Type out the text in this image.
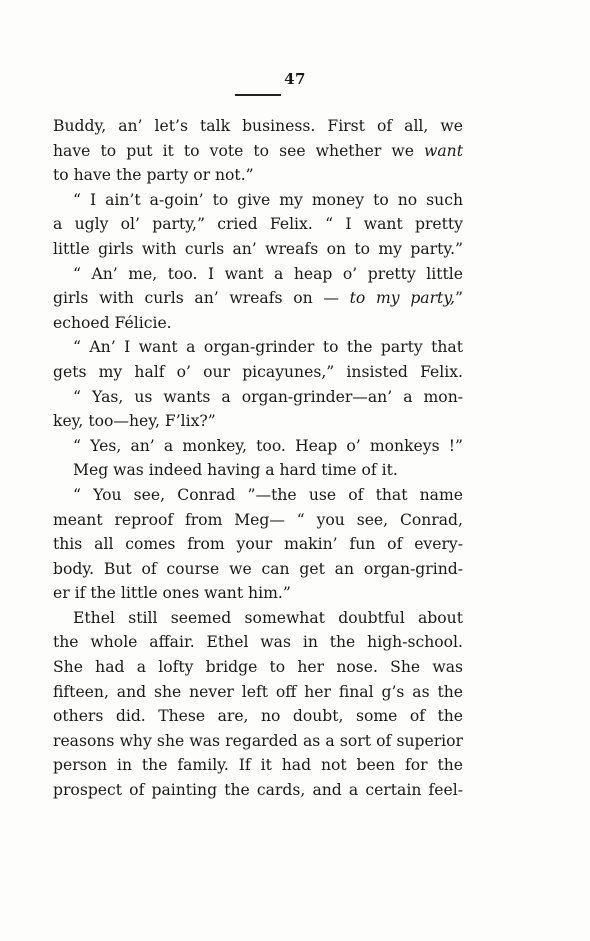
47
Buddy, an’ let’s talk business. First of all, we
have to put it to vote to see whether we want
to have the party or not.”
“ I ain’t a-goin’ to give my money to no such
a ugly ol’ party,” cried Felix. “ I want pretty
little girls with curls an’ wreafs on to my party.”
“ An’ me, too. I want a heap o’ pretty little
girls with curls an’ wreafs on — to my party,”
echoed Félicie.
“ An’ I want a organ-grinder to the party that
gets my half o’ our picayunes,” insisted Felix.
“ Yas, us wants a organ-grinder—an’ a mon-
key, too—hey, F’lix?”
“ Yes, an’ a monkey, too. Heap o’ monkeys !”
Meg was indeed having a hard time of it.
“ You see, Conrad ”—the use of that name
meant reproof from Meg— “ you see, Conrad,
this all comes from your makin’ fun of every-
body. But of course we can get an organ-grind-
er if the little ones want him.”
Ethel still seemed somewhat doubtful about
the whole affair. Ethel was in the high-school.
She had a lofty bridge to her nose. She was
fifteen, and she never left off her final g’s as the
others did. These are, no doubt, some of the
reasons why she was regarded as a sort of superior
person in the family. If it had not been for the
prospect of painting the cards, and a certain feel-
